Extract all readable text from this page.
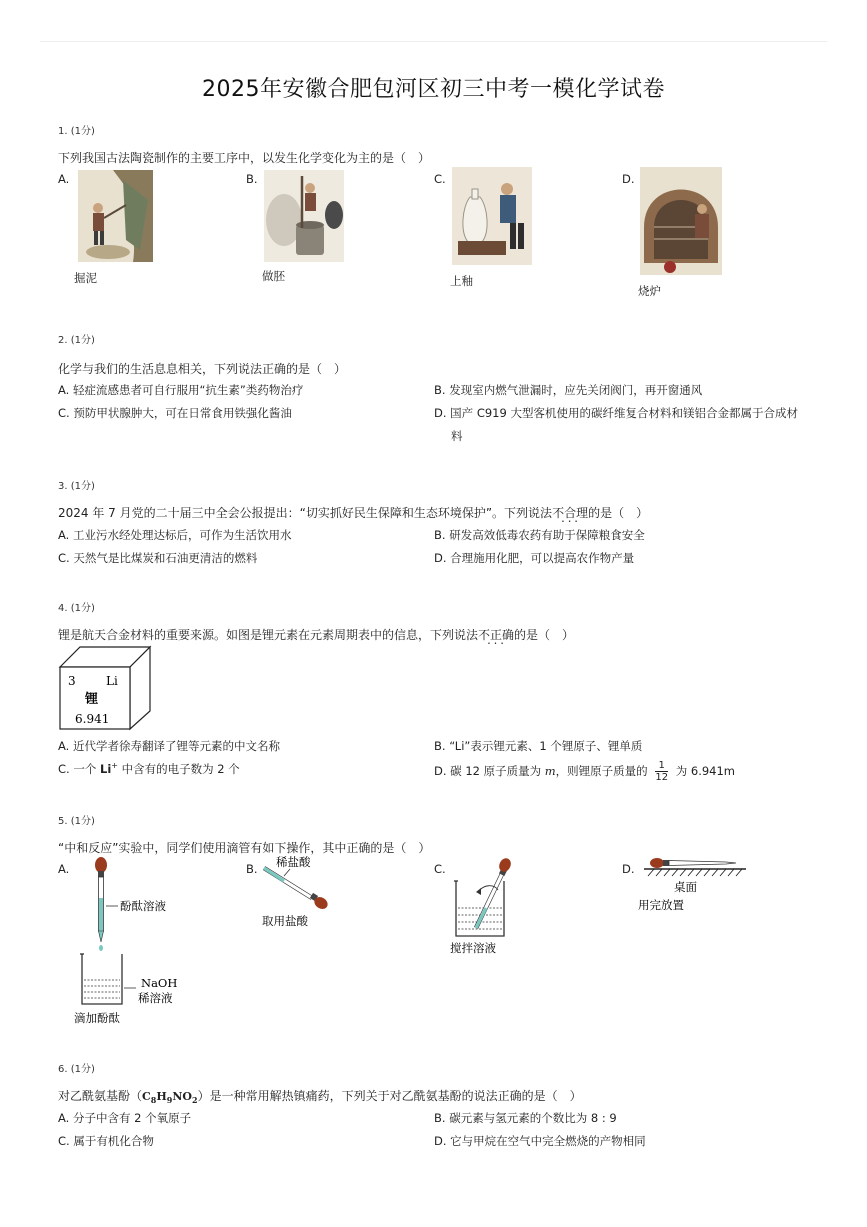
2025年安徽合肥包河区初三中考一模化学试卷
1. (1分)
下列我国古法陶瓷制作的主要工序中，以发生化学变化为主的是（　）
A.
掘泥
B.
做胚
C.
上釉
D.
烧炉
2. (1分)
化学与我们的生活息息相关，下列说法正确的是（　）
A. 轻症流感患者可自行服用“抗生素”类药物治疗	B. 发现室内燃气泄漏时，应先关闭阀门，再开窗通风
C. 预防甲状腺肿大，可在日常食用铁强化酱油	D. 国产 C919 大型客机使用的碳纤维复合材料和镁铝合金都属于合成材
料
3. (1分)
2024 年 7 月党的二十届三中全会公报提出：“切实抓好民生保障和生态环境保护”。下列说法不合理 • • •的是（　）
A. 工业污水经处理达标后，可作为生活饮用水	B. 研发高效低毒农药有助于保障粮食安全
C. 天然气是比煤炭和石油更清洁的燃料	D. 合理施用化肥，可以提高农作物产量
4. (1分)
锂是航天合金材料的重要来源。如图是锂元素在元素周期表中的信息，下列说法不正确 • • •的是（　）
3	Li
锂
6.941
A. 近代学者徐寿翻译了锂等元素的中文名称	B. “Li”表示锂元素、1 个锂原子、锂单质
C. 一个 Li+ 中含有的电子数为 2 个	D. 碳 12 原子质量为 m，则锂原子质量的 $\frac{1}{12}$ 为 6.941m
5. (1分)
“中和反应”实验中，同学们使用滴管有如下操作，其中正确的是（　）
A.
酚酞溶液
NaOH
稀溶液
滴加酚酞
B. 稀盐酸
取用盐酸
C.
搅拌溶液
D.
桌面
用完放置
6. (1分)
对乙酰氨基酚$(C_8H_9NO_2)$是一种常用解热镇痛药，下列关于对乙酰氨基酚的说法正确的是（　）
A. 分子中含有 2 个氧原子	B. 碳元素与氢元素的个数比为 8 : 9
C. 属于有机化合物	D. 它与甲烷在空气中完全燃烧的产物相同
